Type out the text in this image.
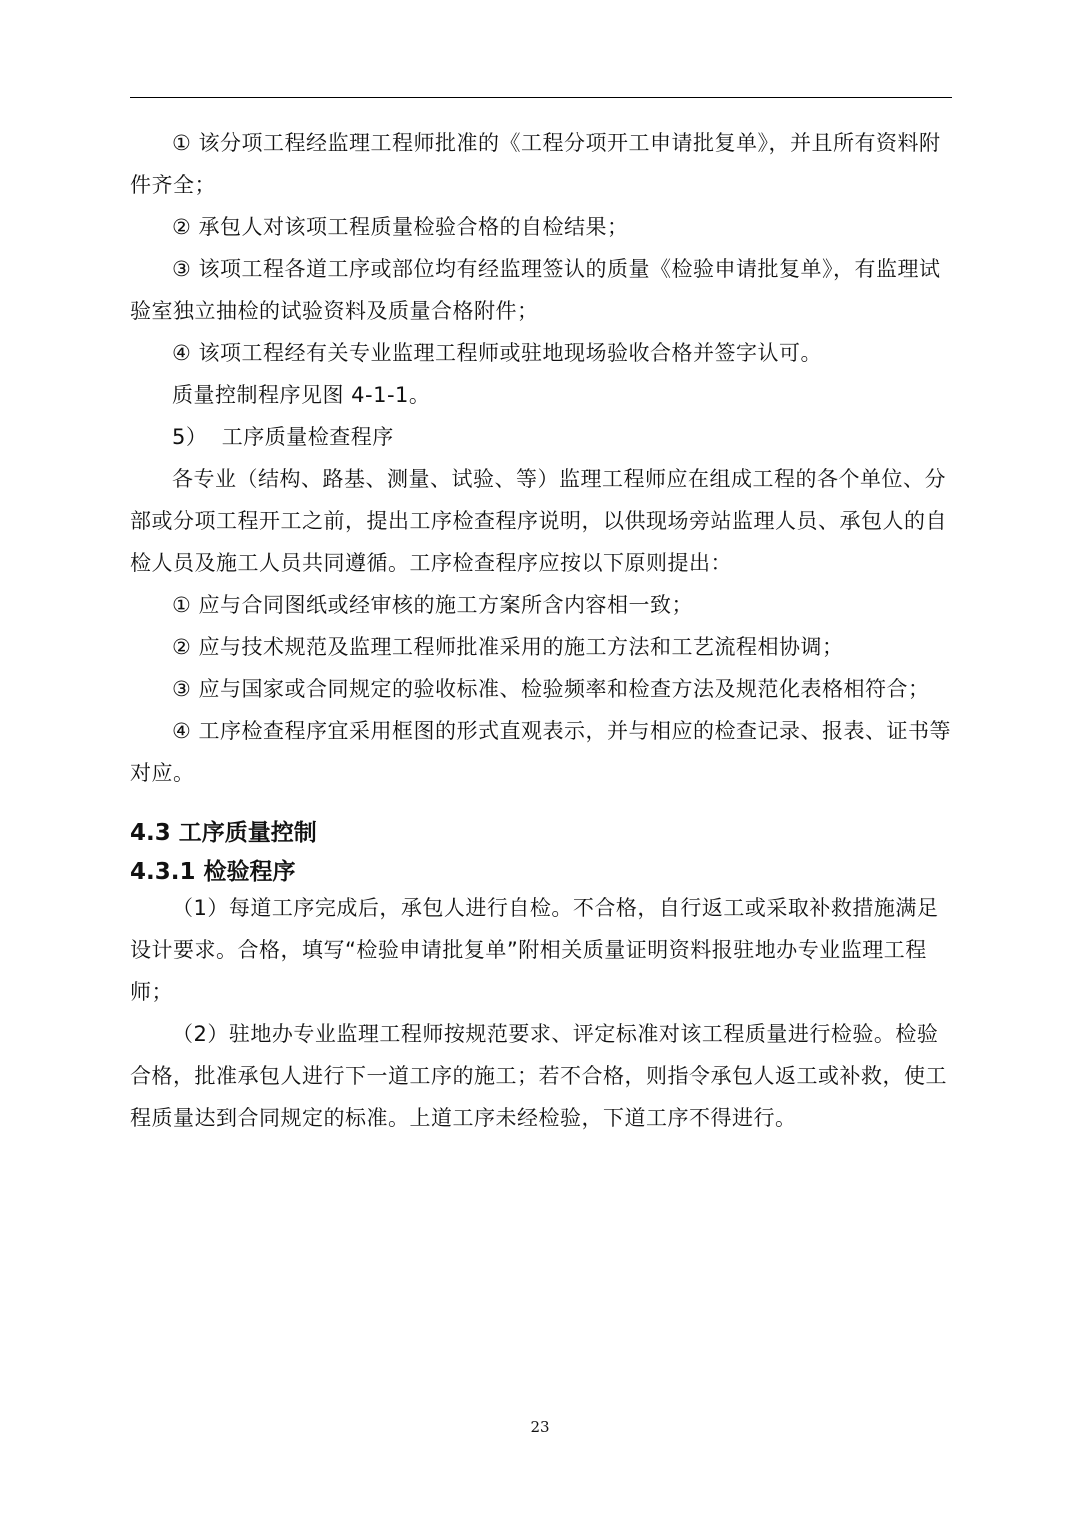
① 该分项工程经监理工程师批准的《工程分项开工申请批复单》，并且所有资料附件齐全；

② 承包人对该项工程质量检验合格的自检结果；

③ 该项工程各道工序或部位均有经监理签认的质量《检验申请批复单》，有监理试验室独立抽检的试验资料及质量合格附件；

④ 该项工程经有关专业监理工程师或驻地现场验收合格并签字认可。

质量控制程序见图 4-1-1。

5）  工序质量检查程序

各专业（结构、路基、测量、试验、等）监理工程师应在组成工程的各个单位、分部或分项工程开工之前，提出工序检查程序说明，以供现场旁站监理人员、承包人的自检人员及施工人员共同遵循。工序检查程序应按以下原则提出：

① 应与合同图纸或经审核的施工方案所含内容相一致；

② 应与技术规范及监理工程师批准采用的施工方法和工艺流程相协调；

③ 应与国家或合同规定的验收标准、检验频率和检查方法及规范化表格相符合；

④ 工序检查程序宜采用框图的形式直观表示，并与相应的检查记录、报表、证书等对应。

4.3 工序质量控制
4.3.1 检验程序

（1）每道工序完成后，承包人进行自检。不合格，自行返工或采取补救措施满足设计要求。合格，填写“检验申请批复单”附相关质量证明资料报驻地办专业监理工程师；

（2）驻地办专业监理工程师按规范要求、评定标准对该工程质量进行检验。检验合格，批准承包人进行下一道工序的施工；若不合格，则指令承包人返工或补救，使工程质量达到合同规定的标准。上道工序未经检验，下道工序不得进行。

23
